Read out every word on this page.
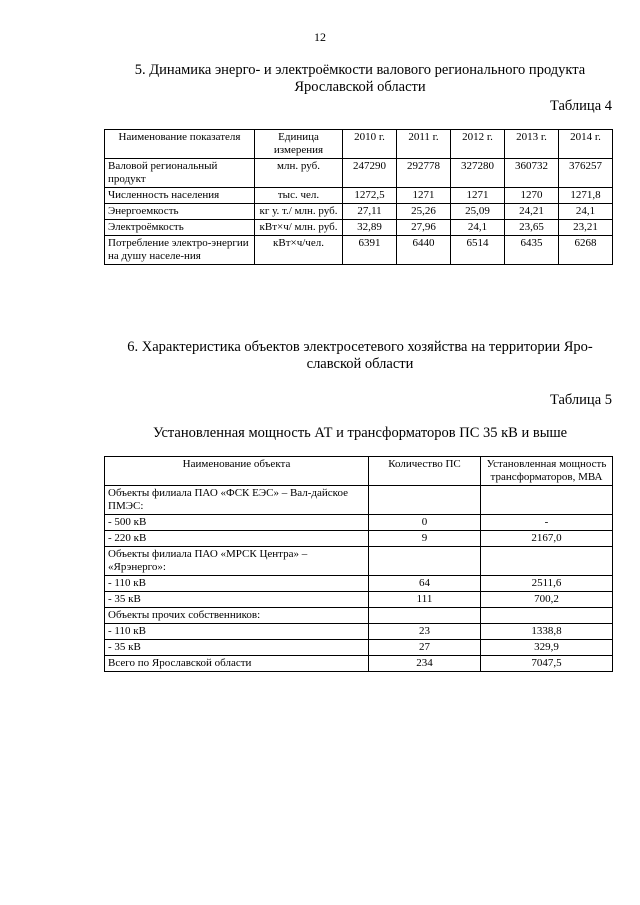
12
5. Динамика энерго- и электроёмкости валового регионального продукта
Ярославской области
Таблица 4
Наименование показателя	Единица измерения	2010 г.	2011 г.	2012 г.	2013 г.	2014 г.
Валовой региональный продукт	млн. руб.	247290	292778	327280	360732	376257
Численность населения	тыс. чел.	1272,5	1271	1271	1270	1271,8
Энергоемкость	кг у. т./ млн. руб.	27,11	25,26	25,09	24,21	24,1
Электроёмкость	кВт×ч/ млн. руб.	32,89	27,96	24,1	23,65	23,21
Потребление электро-энергии на душу населе-ния	кВт×ч/чел.	6391	6440	6514	6435	6268
6. Характеристика объектов электросетевого хозяйства на территории Яро-
славской области
Таблица 5
Установленная мощность АТ и трансформаторов ПС 35 кВ и выше
Наименование объекта	Количество ПС	Установленная мощность трансформаторов, МВА
Объекты филиала ПАО «ФСК ЕЭС» – Вал-дайское ПМЭС:		
- 500 кВ	0	-
- 220 кВ	9	2167,0
Объекты филиала ПАО «МРСК Центра» – «Ярэнерго»:		
- 110 кВ	64	2511,6
- 35 кВ	111	700,2
Объекты прочих собственников:		
- 110 кВ	23	1338,8
- 35 кВ	27	329,9
Всего по Ярославской области	234	7047,5
